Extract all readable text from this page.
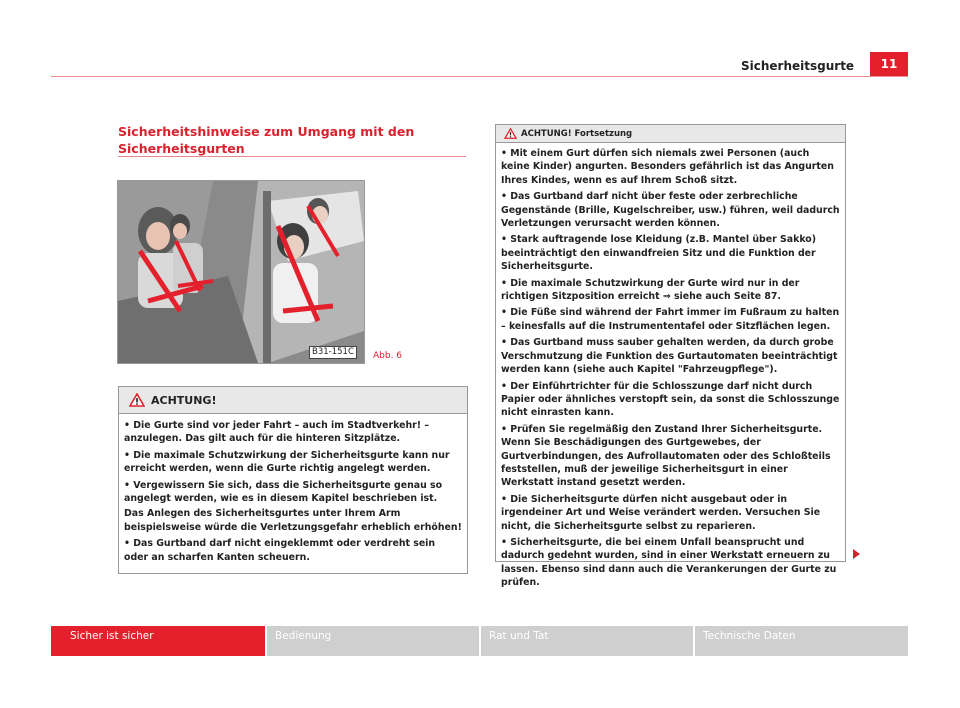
Sicherheitsgurte	11
Sicherheitshinweise zum Umgang mit den Sicherheitsgurten
B31-151C	Abb. 6
ACHTUNG!

• Die Gurte sind vor jeder Fahrt – auch im Stadtverkehr! – anzulegen. Das gilt auch für die hinteren Sitzplätze.

• Die maximale Schutzwirkung der Sicherheitsgurte kann nur erreicht werden, wenn die Gurte richtig angelegt werden.

• Vergewissern Sie sich, dass die Sicherheitsgurte genau so angelegt werden, wie es in diesem Kapitel beschrieben ist.

Das Anlegen des Sicherheitsgurtes unter Ihrem Arm beispielsweise würde die Verletzungsgefahr erheblich erhöhen!

• Das Gurtband darf nicht eingeklemmt oder verdreht sein oder an scharfen Kanten scheuern.

ACHTUNG! Fortsetzung

• Mit einem Gurt dürfen sich niemals zwei Personen (auch keine Kinder) angurten. Besonders gefährlich ist das Angurten Ihres Kindes, wenn es auf Ihrem Schoß sitzt.

• Das Gurtband darf nicht über feste oder zerbrechliche Gegenstände (Brille, Kugelschreiber, usw.) führen, weil dadurch Verletzungen verursacht werden können.

• Stark auftragende lose Kleidung (z.B. Mantel über Sakko) beeinträchtigt den einwandfreien Sitz und die Funktion der Sicherheitsgurte.

• Die maximale Schutzwirkung der Gurte wird nur in der richtigen Sitzposition erreicht ⇒ siehe auch Seite 87.

• Die Füße sind während der Fahrt immer im Fußraum zu halten – keinesfalls auf die Instrumententafel oder Sitzflächen legen.

• Das Gurtband muss sauber gehalten werden, da durch grobe Verschmutzung die Funktion des Gurtautomaten beeinträchtigt werden kann (siehe auch Kapitel "Fahrzeugpflege").

• Der Einführtrichter für die Schlosszunge darf nicht durch Papier oder ähnliches verstopft sein, da sonst die Schlosszunge nicht einrasten kann.

• Prüfen Sie regelmäßig den Zustand Ihrer Sicherheitsgurte. Wenn Sie Beschädigungen des Gurtgewebes, der Gurtverbindungen, des Aufrollautomaten oder des Schloßteils feststellen, muß der jeweilige Sicherheitsgurt in einer Werkstatt instand gesetzt werden.

• Die Sicherheitsgurte dürfen nicht ausgebaut oder in irgendeiner Art und Weise verändert werden. Versuchen Sie nicht, die Sicherheitsgurte selbst zu reparieren.

• Sicherheitsgurte, die bei einem Unfall beansprucht und dadurch gedehnt wurden, sind in einer Werkstatt erneuern zu lassen. Ebenso sind dann auch die Verankerungen der Gurte zu prüfen.

Sicher ist sicher	Bedienung	Rat und Tat	Technische Daten
